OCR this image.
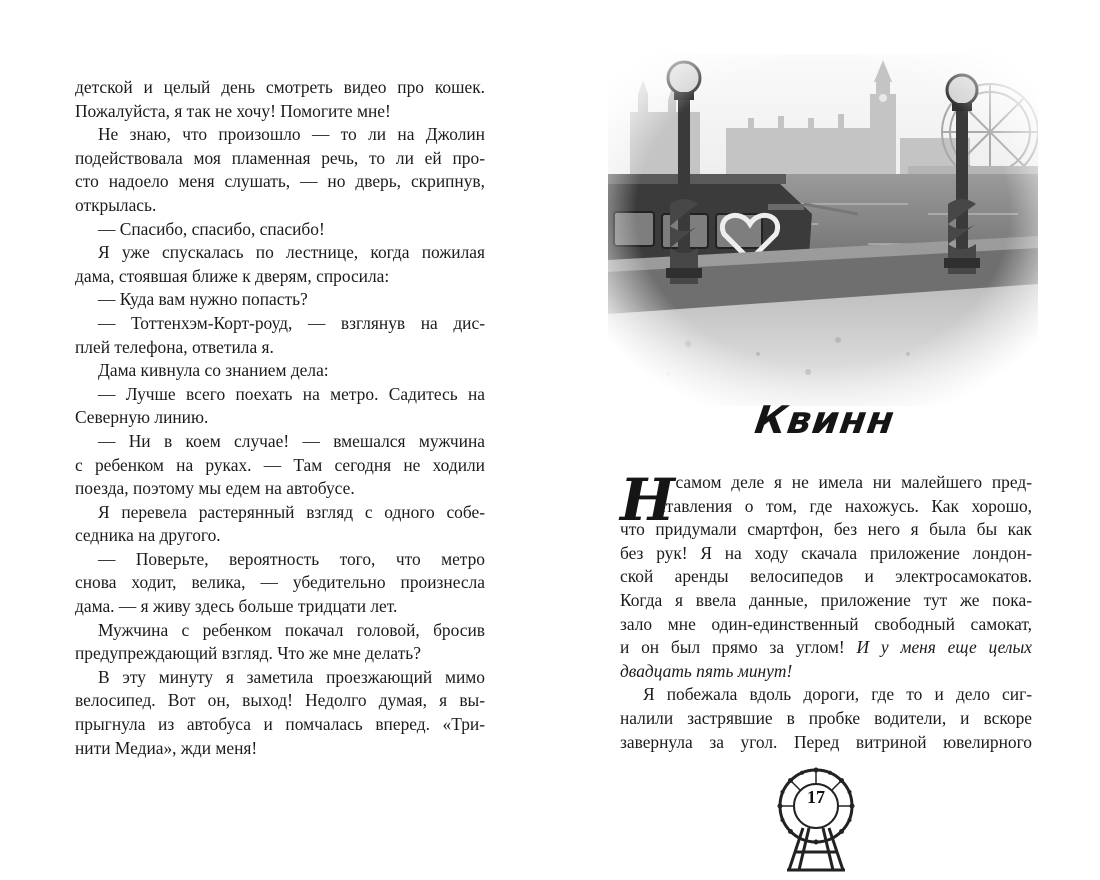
детской и целый день смотреть видео про кошек.

Пожалуйста, я так не хочу! Помогите мне!

Не знаю, что произошло — то ли на Джолин

подействовала моя пламенная речь, то ли ей про-

сто надоело меня слушать, — но дверь, скрипнув,

открылась.

— Спасибо, спасибо, спасибо!

Я уже спускалась по лестнице, когда пожилая

дама, стоявшая ближе к дверям, спросила:

— Куда вам нужно попасть?

— Тоттенхэм-Корт-роуд, — взглянув на дис-

плей телефона, ответила я.

Дама кивнула со знанием дела:

— Лучше всего поехать на метро. Садитесь на

Северную линию.

— Ни в коем случае! — вмешался мужчина

с ребенком на руках. — Там сегодня не ходили

поезда, поэтому мы едем на автобусе.

Я перевела растерянный взгляд с одного собе-

седника на другого.

— Поверьте, вероятность того, что метро

снова ходит, велика, — убедительно произнесла

дама. — я живу здесь больше тридцати лет.

Мужчина с ребенком покачал головой, бросив

предупреждающий взгляд. Что же мне делать?

В эту минуту я заметила проезжающий мимо

велосипед. Вот он, выход! Недолго думая, я вы-

прыгнула из автобуса и помчалась вперед. «Три-

нити Медиа», жди меня!

Квинн
Н

а самом деле я не имела ни малейшего пред-

ставления о том, где нахожусь. Как хорошо,

что придумали смартфон, без него я была бы как

без рук! Я на ходу скачала приложение лондон-

ской аренды велосипедов и электросамокатов.

Когда я ввела данные, приложение тут же пока-

зало мне один-единственный свободный самокат,

и он был прямо за углом! И у меня еще целых

двадцать пять минут!

Я побежала вдоль дороги, где то и дело сиг-

налили застрявшие в пробке водители, и вскоре

завернула за угол. Перед витриной ювелирного

17
